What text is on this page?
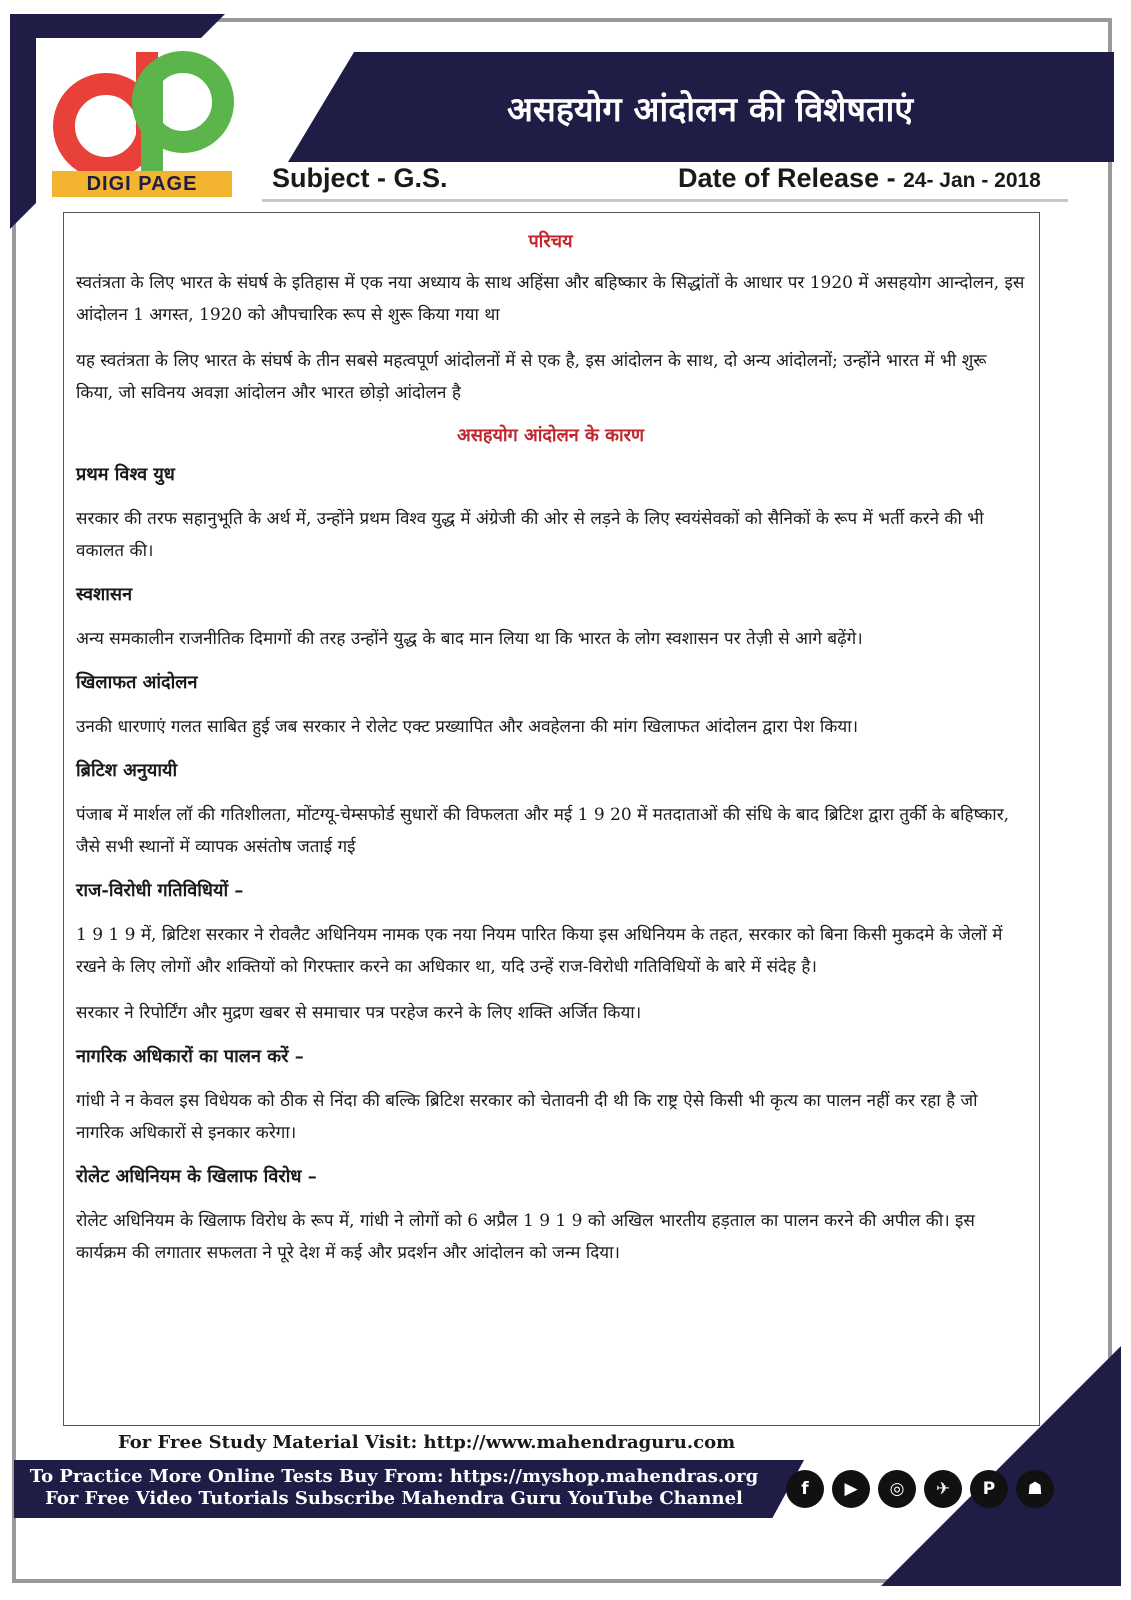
DIGI PAGE
असहयोग आंदोलन की विशेषताएं
Subject - G.S.	Date of Release - 24- Jan - 2018
परिचय

स्वतंत्रता के लिए भारत के संघर्ष के इतिहास में एक नया अध्याय के साथ अहिंसा और बहिष्कार के सिद्धांतों के आधार पर 1920 में असहयोग आन्दोलन, इस आंदोलन 1 अगस्त, 1920 को औपचारिक रूप से शुरू किया गया था

यह स्वतंत्रता के लिए भारत के संघर्ष के तीन सबसे महत्वपूर्ण आंदोलनों में से एक है, इस आंदोलन के साथ, दो अन्य आंदोलनों; उन्होंने भारत में भी शुरू किया, जो सविनय अवज्ञा आंदोलन और भारत छोड़ो आंदोलन है

असहयोग आंदोलन के कारण
प्रथम विश्व युध

सरकार की तरफ सहानुभूति के अर्थ में, उन्होंने प्रथम विश्व युद्ध में अंग्रेजी की ओर से लड़ने के लिए स्वयंसेवकों को सैनिकों के रूप में भर्ती करने की भी वकालत की।

स्वशासन

अन्य समकालीन राजनीतिक दिमागों की तरह उन्होंने युद्ध के बाद मान लिया था कि भारत के लोग स्वशासन पर तेज़ी से आगे बढ़ेंगे।

खिलाफत आंदोलन

उनकी धारणाएं गलत साबित हुई जब सरकार ने रोलेट एक्ट प्रख्यापित और अवहेलना की मांग खिलाफत आंदोलन द्वारा पेश किया।

ब्रिटिश अनुयायी

पंजाब में मार्शल लॉ की गतिशीलता, मोंटग्यू-चेम्सफोर्ड सुधारों की विफलता और मई 1 9 20 में मतदाताओं की संधि के बाद ब्रिटिश द्वारा तुर्की के बहिष्कार, जैसे सभी स्थानों में व्यापक असंतोष जताई गई

राज-विरोधी गतिविधियों –

1 9 1 9 में, ब्रिटिश सरकार ने रोवलैट अधिनियम नामक एक नया नियम पारित किया इस अधिनियम के तहत, सरकार को बिना किसी मुकदमे के जेलों में रखने के लिए लोगों और शक्तियों को गिरफ्तार करने का अधिकार था, यदि उन्हें राज-विरोधी गतिविधियों के बारे में संदेह है।

सरकार ने रिपोर्टिंग और मुद्रण खबर से समाचार पत्र परहेज करने के लिए शक्ति अर्जित किया।

नागरिक अधिकारों का पालन करें –

गांधी ने न केवल इस विधेयक को ठीक से निंदा की बल्कि ब्रिटिश सरकार को चेतावनी दी थी कि राष्ट्र ऐसे किसी भी कृत्य का पालन नहीं कर रहा है जो नागरिक अधिकारों से इनकार करेगा।

रोलेट अधिनियम के खिलाफ विरोध –

रोलेट अधिनियम के खिलाफ विरोध के रूप में, गांधी ने लोगों को 6 अप्रैल 1 9 1 9 को अखिल भारतीय हड़ताल का पालन करने की अपील की। इस कार्यक्रम की लगातार सफलता ने पूरे देश में कई और प्रदर्शन और आंदोलन को जन्म दिया।

For Free Study Material Visit: http://www.mahendraguru.com
To Practice More Online Tests Buy From: https://myshop.mahendras.org
For Free Video Tutorials Subscribe Mahendra Guru YouTube Channel	f	▶	◎	✈	P	☗
